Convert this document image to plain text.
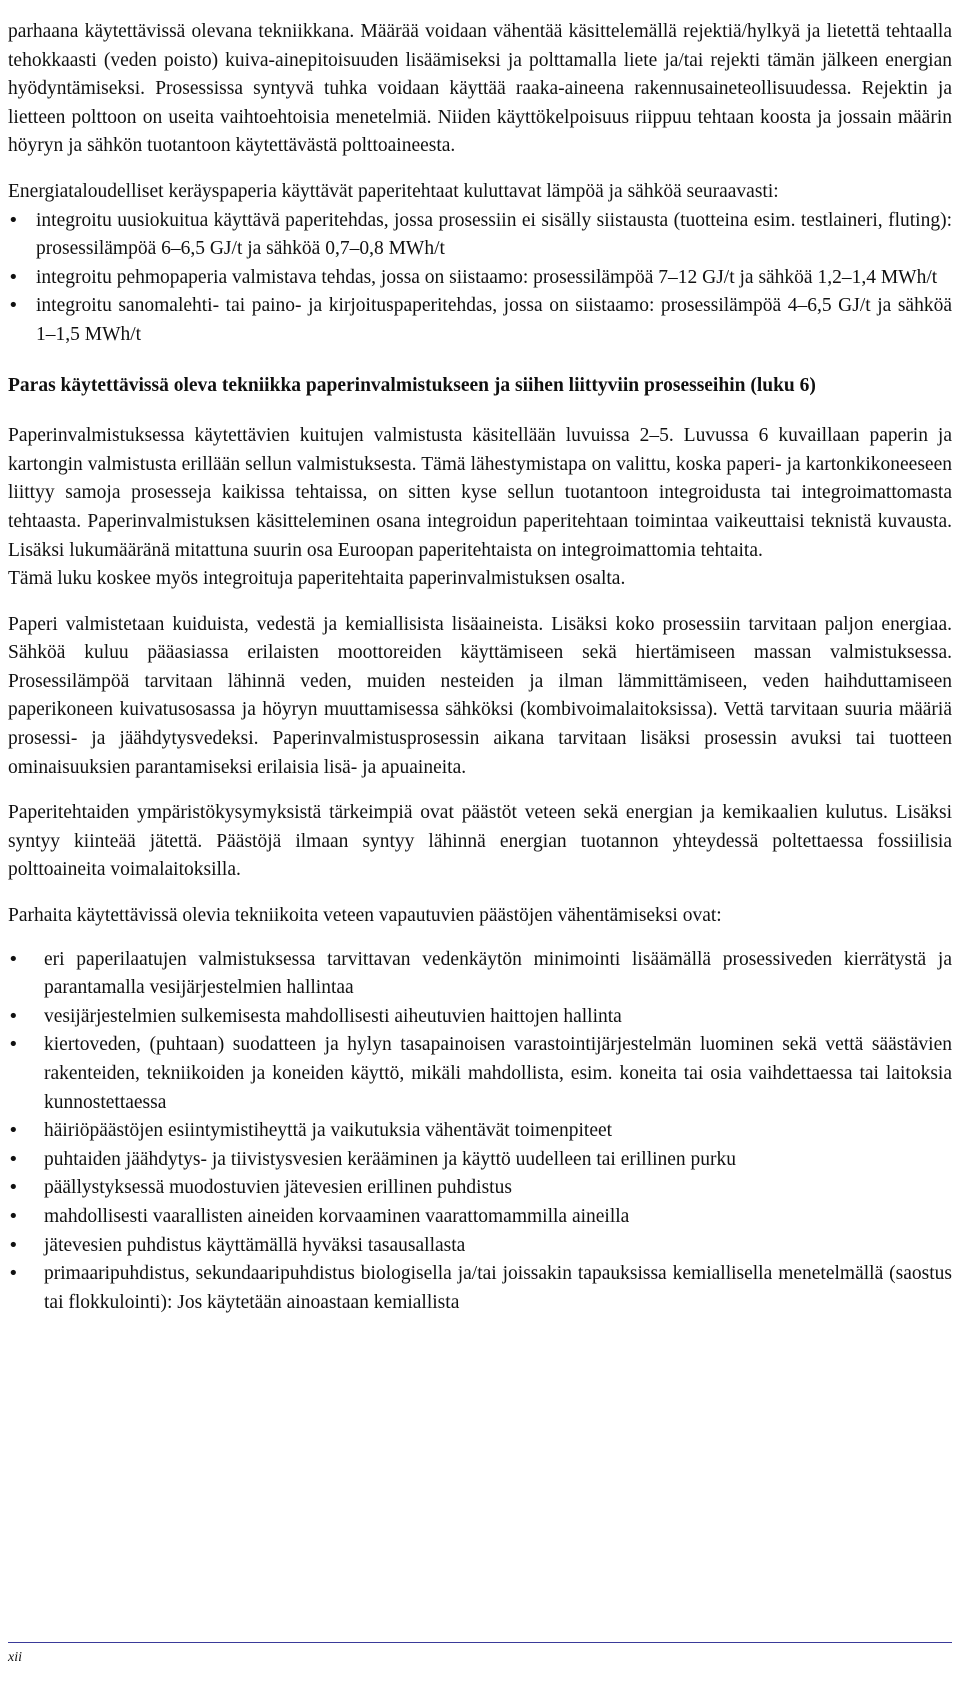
parhaana käytettävissä olevana tekniikkana. Määrää voidaan vähentää käsittelemällä rejektiä/hylkyä ja lietettä tehtaalla tehokkaasti (veden poisto) kuiva-ainepitoisuuden lisäämiseksi ja polttamalla liete ja/tai rejekti tämän jälkeen energian hyödyntämiseksi. Prosessissa syntyvä tuhka voidaan käyttää raaka-aineena rakennusaineteollisuudessa. Rejektin ja lietteen polttoon on useita vaihtoehtoisia menetelmiä. Niiden käyttökelpoisuus riippuu tehtaan koosta ja jossain määrin höyryn ja sähkön tuotantoon käytettävästä polttoaineesta.

Energiataloudelliset keräyspaperia käyttävät paperitehtaat kuluttavat lämpöä ja sähköä seuraavasti:

• integroitu uusiokuitua käyttävä paperitehdas, jossa prosessiin ei sisälly siistausta (tuotteina esim. testlaineri, fluting): prosessilämpöä 6–6,5 GJ/t ja sähköä 0,7–0,8 MWh/t
• integroitu pehmopaperia valmistava tehdas, jossa on siistaamo: prosessilämpöä 7–12 GJ/t ja sähköä 1,2–1,4 MWh/t
• integroitu sanomalehti- tai paino- ja kirjoituspaperitehdas, jossa on siistaamo: prosessilämpöä 4–6,5 GJ/t ja sähköä 1–1,5 MWh/t
Paras käytettävissä oleva tekniikka paperinvalmistukseen ja siihen liittyviin prosesseihin (luku 6)

Paperinvalmistuksessa käytettävien kuitujen valmistusta käsitellään luvuissa 2–5. Luvussa 6 kuvaillaan paperin ja kartongin valmistusta erillään sellun valmistuksesta. Tämä lähestymistapa on valittu, koska paperi- ja kartonkikoneeseen liittyy samoja prosesseja kaikissa tehtaissa, on sitten kyse sellun tuotantoon integroidusta tai integroimattomasta tehtaasta. Paperinvalmistuksen käsitteleminen osana integroidun paperitehtaan toimintaa vaikeuttaisi teknistä kuvausta. Lisäksi lukumääränä mitattuna suurin osa Euroopan paperitehtaista on integroimattomia tehtaita.

Tämä luku koskee myös integroituja paperitehtaita paperinvalmistuksen osalta.

Paperi valmistetaan kuiduista, vedestä ja kemiallisista lisäaineista. Lisäksi koko prosessiin tarvitaan paljon energiaa. Sähköä kuluu pääasiassa erilaisten moottoreiden käyttämiseen sekä hiertämiseen massan valmistuksessa. Prosessilämpöä tarvitaan lähinnä veden, muiden nesteiden ja ilman lämmittämiseen, veden haihduttamiseen paperikoneen kuivatusosassa ja höyryn muuttamisessa sähköksi (kombivoimalaitoksissa). Vettä tarvitaan suuria määriä prosessi- ja jäähdytysvedeksi. Paperinvalmistusprosessin aikana tarvitaan lisäksi prosessin avuksi tai tuotteen ominaisuuksien parantamiseksi erilaisia lisä- ja apuaineita.

Paperitehtaiden ympäristökysymyksistä tärkeimpiä ovat päästöt veteen sekä energian ja kemikaalien kulutus. Lisäksi syntyy kiinteää jätettä. Päästöjä ilmaan syntyy lähinnä energian tuotannon yhteydessä poltettaessa fossiilisia polttoaineita voimalaitoksilla.

Parhaita käytettävissä olevia tekniikoita veteen vapautuvien päästöjen vähentämiseksi ovat:

• eri paperilaatujen valmistuksessa tarvittavan vedenkäytön minimointi lisäämällä prosessiveden kierrätystä ja parantamalla vesijärjestelmien hallintaa
• vesijärjestelmien sulkemisesta mahdollisesti aiheutuvien haittojen hallinta
• kiertoveden, (puhtaan) suodatteen ja hylyn tasapainoisen varastointijärjestelmän luominen sekä vettä säästävien rakenteiden, tekniikoiden ja koneiden käyttö, mikäli mahdollista, esim. koneita tai osia vaihdettaessa tai laitoksia kunnostettaessa
• häiriöpäästöjen esiintymistiheyttä ja vaikutuksia vähentävät toimenpiteet
• puhtaiden jäähdytys- ja tiivistysvesien kerääminen ja käyttö uudelleen tai erillinen purku
• päällystyksessä muodostuvien jätevesien erillinen puhdistus
• mahdollisesti vaarallisten aineiden korvaaminen vaarattomammilla aineilla
• jätevesien puhdistus käyttämällä hyväksi tasausallasta
• primaaripuhdistus, sekundaaripuhdistus biologisella ja/tai joissakin tapauksissa kemiallisella menetelmällä (saostus tai flokkulointi): Jos käytetään ainoastaan kemiallista
xii
